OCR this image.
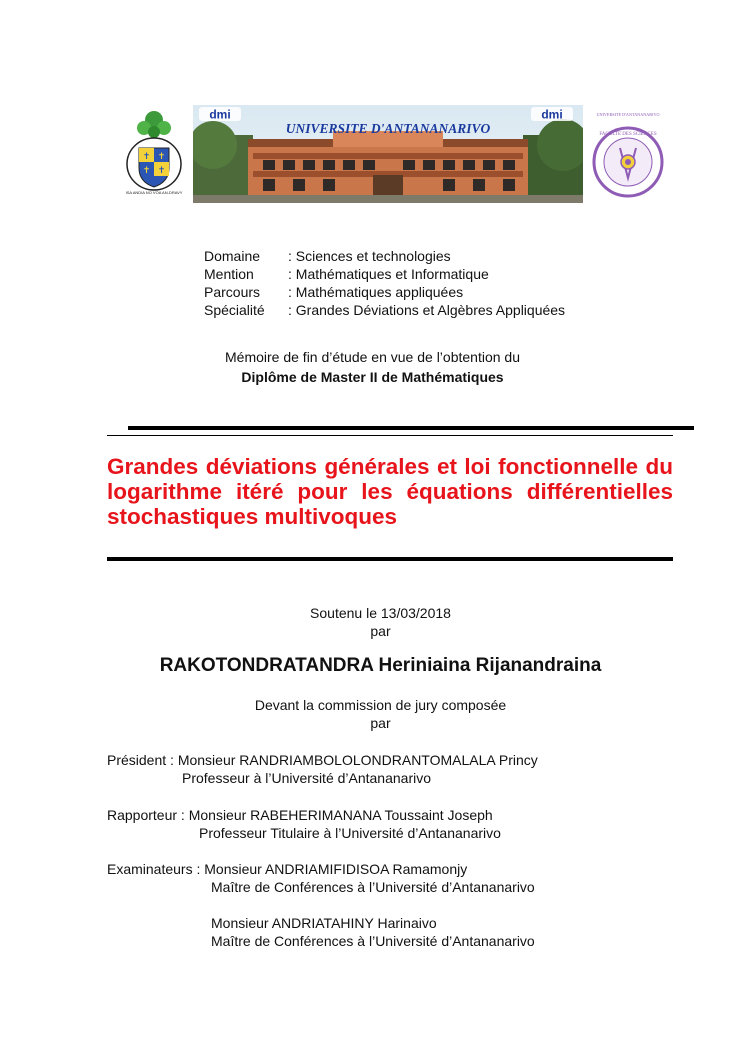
✝ ✝
✝ ✝
ISA ANDIA NO VOA AN-DRAVY
dmi	dmi
UNIVERSITE D'ANTANANARIVO
UNIVERSITE D'ANTANANARIVO
FACULTE DES SCIENCES
Domaine : Sciences et technologies
Mention : Mathématiques et Informatique
Parcours : Mathématiques appliquées
Spécialité : Grandes Déviations et Algèbres Appliquées
Mémoire de fin d’étude en vue de l’obtention du
Diplôme de Master II de Mathématiques
Grandes déviations générales et loi fonctionnelle du logarithme itéré pour les équations différentielles stochastiques multivoques
Soutenu le 13/03/2018
par
RAKOTONDRATANDRA Heriniaina Rijanandraina
Devant la commission de jury composée
par
Président : Monsieur RANDRIAMBOLOLONDRANTOMALALA Princy
Professeur à l’Université d’Antananarivo
Rapporteur : Monsieur RABEHERIMANANA Toussaint Joseph
Professeur Titulaire à l’Université d’Antananarivo
Examinateurs : Monsieur ANDRIAMIFIDISOA Ramamonjy
Maître de Conférences à l’Université d’Antananarivo
Monsieur ANDRIATAHINY Harinaivo
Maître de Conférences à l’Université d’Antananarivo
